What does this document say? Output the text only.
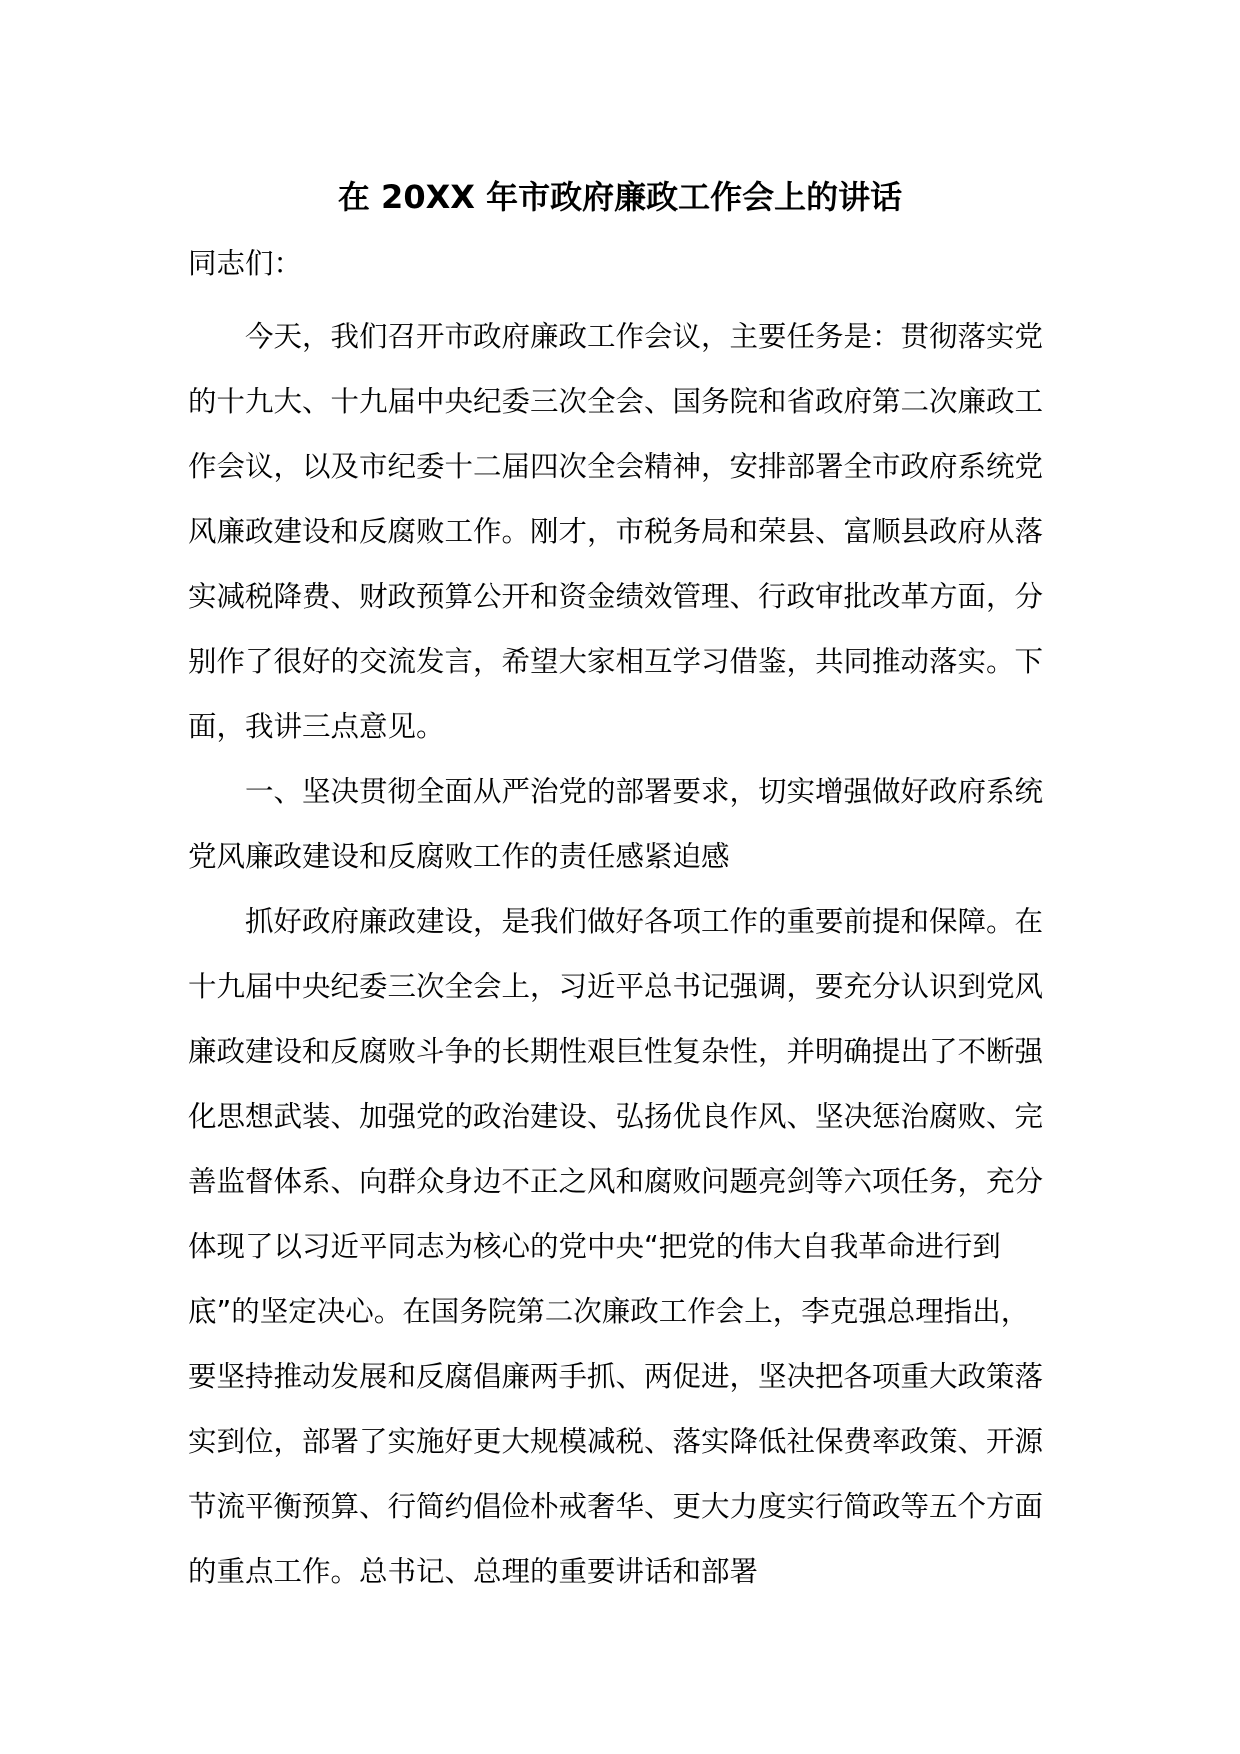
在 20XX 年市政府廉政工作会上的讲话

同志们：

今天，我们召开市政府廉政工作会议，主要任务是：贯彻落实党的十九大、十九届中央纪委三次全会、国务院和省政府第二次廉政工作会议，以及市纪委十二届四次全会精神，安排部署全市政府系统党风廉政建设和反腐败工作。刚才，市税务局和荣县、富顺县政府从落实减税降费、财政预算公开和资金绩效管理、行政审批改革方面，分别作了很好的交流发言，希望大家相互学习借鉴，共同推动落实。下面，我讲三点意见。

一、坚决贯彻全面从严治党的部署要求，切实增强做好政府系统党风廉政建设和反腐败工作的责任感紧迫感

抓好政府廉政建设，是我们做好各项工作的重要前提和保障。在十九届中央纪委三次全会上，习近平总书记强调，要充分认识到党风廉政建设和反腐败斗争的长期性艰巨性复杂性，并明确提出了不断强化思想武装、加强党的政治建设、弘扬优良作风、坚决惩治腐败、完善监督体系、向群众身边不正之风和腐败问题亮剑等六项任务，充分体现了以习近平同志为核心的党中央“把党的伟大自我革命进行到底”的坚定决心。在国务院第二次廉政工作会上，李克强总理指出，要坚持推动发展和反腐倡廉两手抓、两促进，坚决把各项重大政策落实到位，部署了实施好更大规模减税、落实降低社保费率政策、开源节流平衡预算、行简约倡俭朴戒奢华、更大力度实行简政等五个方面的重点工作。总书记、总理的重要讲话和部署
